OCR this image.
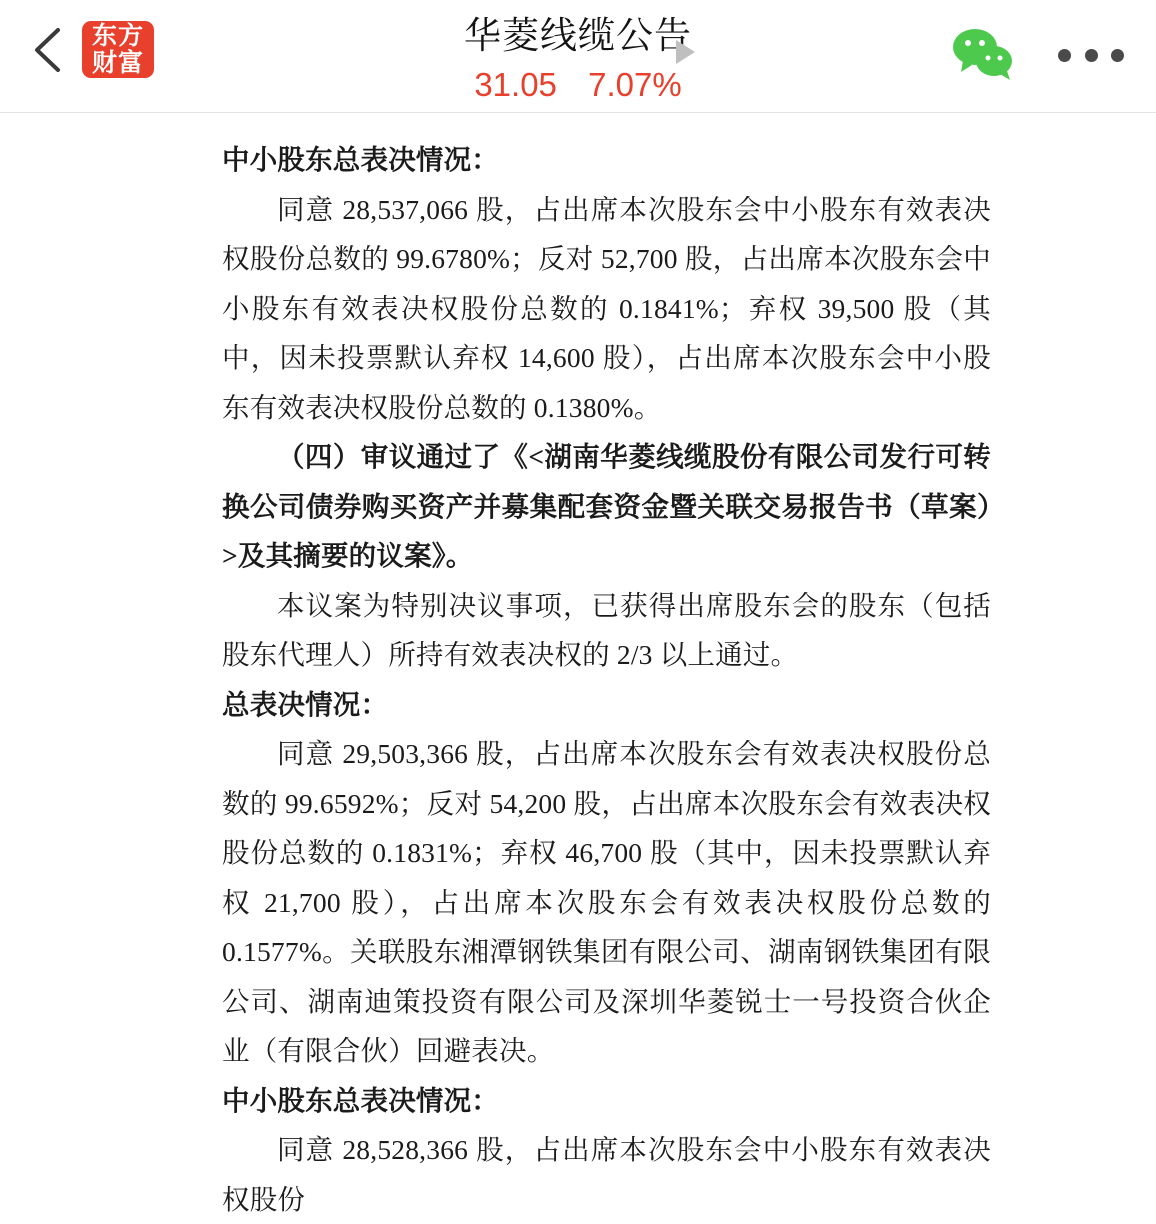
东方
财富
华菱线缆公告
31.05 7.07%

中小股东总表决情况：

同意 28,537,066 股，占出席本次股东会中小股东有效表决权股份总数的 99.6780%；反对 52,700 股，占出席本次股东会中小股东有效表决权股份总数的 0.1841%；弃权 39,500 股（其中，因未投票默认弃权 14,600 股），占出席本次股东会中小股东有效表决权股份总数的 0.1380%。

（四）审议通过了《<湖南华菱线缆股份有限公司发行可转换公司债券购买资产并募集配套资金暨关联交易报告书（草案）>及其摘要的议案》。

本议案为特别决议事项，已获得出席股东会的股东（包括股东代理人）所持有效表决权的 2/3 以上通过。

总表决情况：

同意 29,503,366 股，占出席本次股东会有效表决权股份总数的 99.6592%；反对 54,200 股，占出席本次股东会有效表决权股份总数的 0.1831%；弃权 46,700 股（其中，因未投票默认弃权 21,700 股），占出席本次股东会有效表决权股份总数的 0.1577%。关联股东湘潭钢铁集团有限公司、湖南钢铁集团有限公司、湖南迪策投资有限公司及深圳华菱锐士一号投资合伙企业（有限合伙）回避表决。

中小股东总表决情况：

同意 28,528,366 股，占出席本次股东会中小股东有效表决权股份
